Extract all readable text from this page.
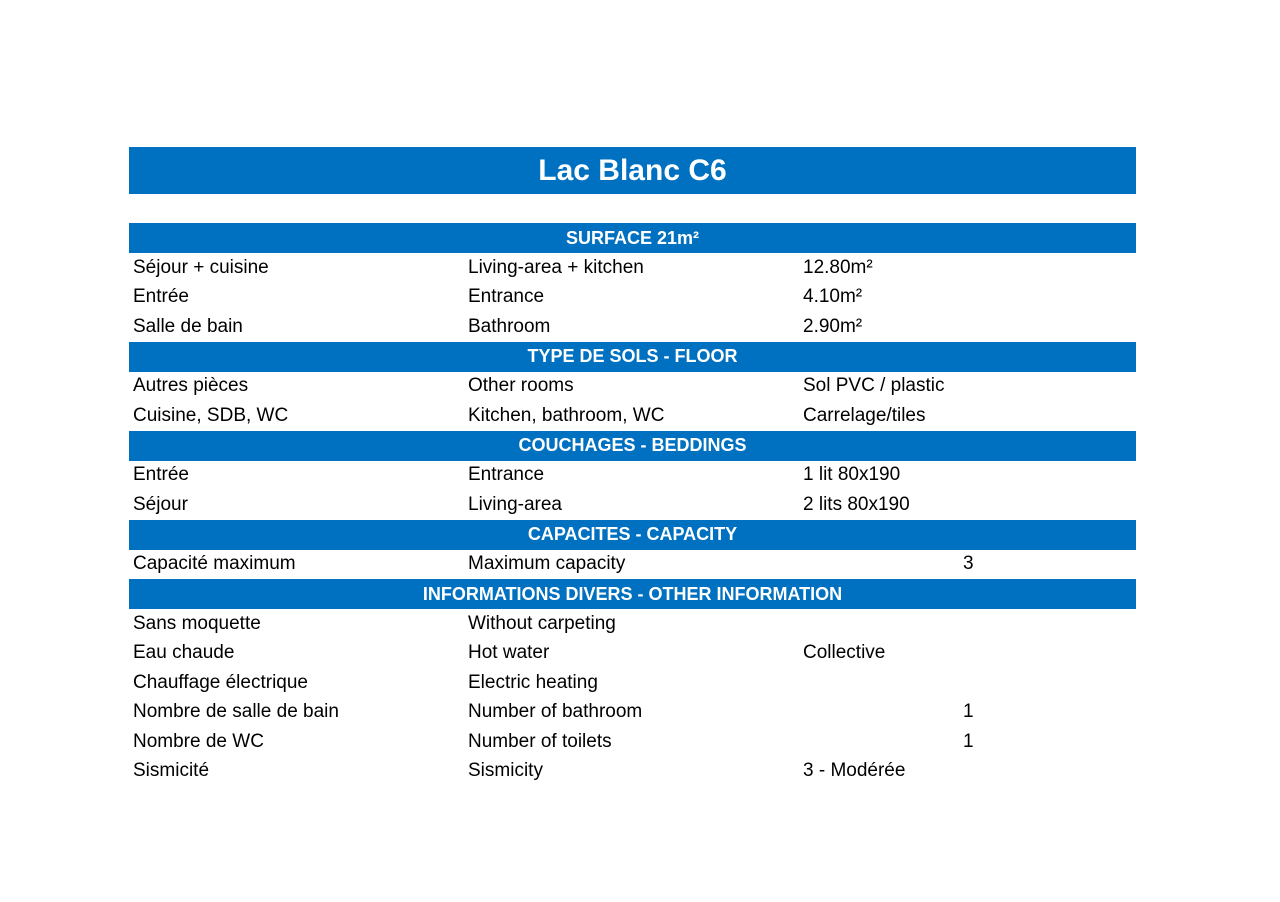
Lac Blanc C6
SURFACE 21m²
Séjour + cuisine	Living-area + kitchen	12.80m²
Entrée	Entrance	4.10m²
Salle de bain	Bathroom	2.90m²
TYPE DE SOLS - FLOOR
Autres pièces	Other rooms	Sol PVC / plastic
Cuisine, SDB, WC	Kitchen, bathroom, WC	Carrelage/tiles
COUCHAGES - BEDDINGS
Entrée	Entrance	1 lit 80x190
Séjour	Living-area	2 lits 80x190
CAPACITES - CAPACITY
Capacité maximum	Maximum capacity	3
INFORMATIONS DIVERS - OTHER INFORMATION
Sans moquette	Without carpeting
Eau chaude	Hot water	Collective
Chauffage électrique	Electric heating
Nombre de salle de bain	Number of bathroom	1
Nombre de WC	Number of toilets	1
Sismicité	Sismicity	3 - Modérée
